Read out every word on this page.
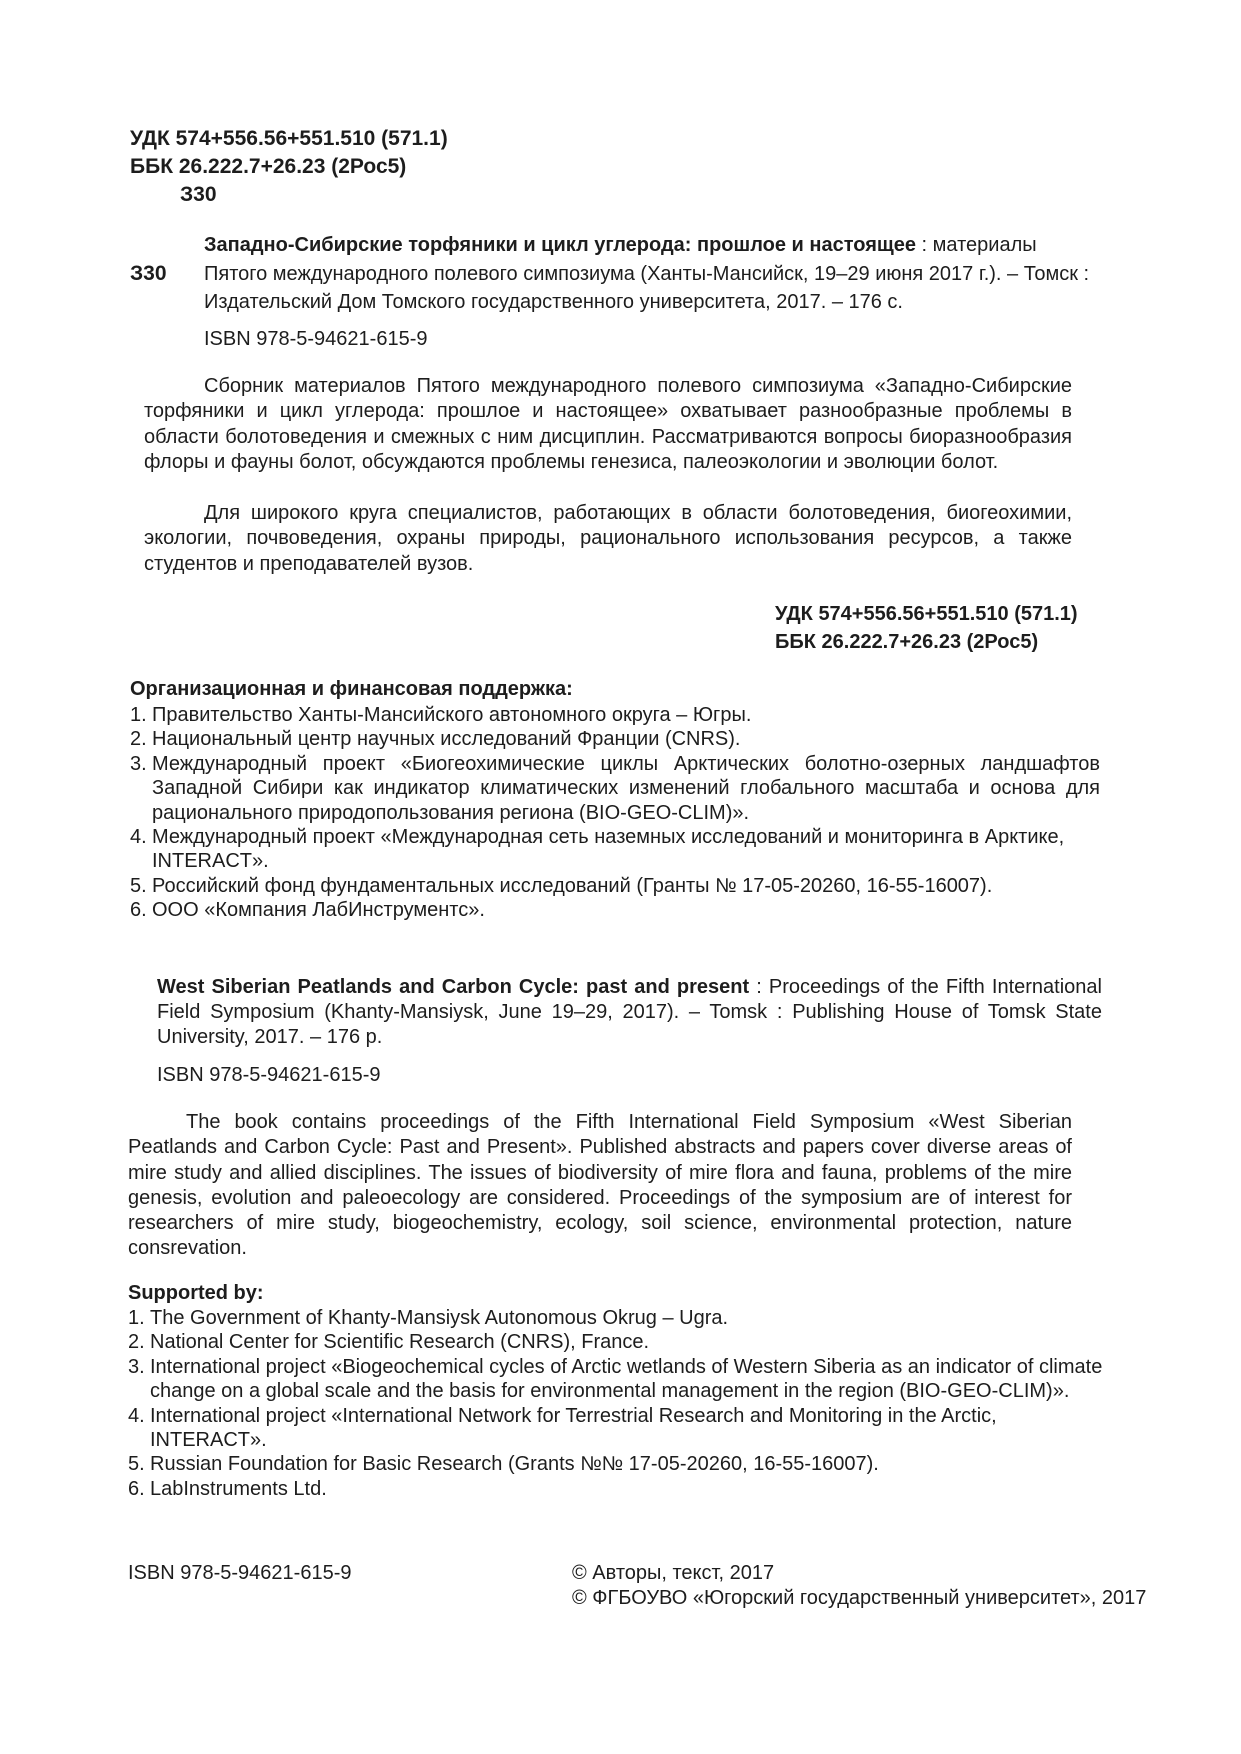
УДК 574+556.56+551.510 (571.1)
ББК 26.222.7+26.23 (2Рос5)
З30
З30

Западно-Сибирские торфяники и цикл углерода: прошлое и настоящее : материалы

Пятого международного полевого симпозиума (Ханты-Мансийск, 19–29 июня 2017 г.). – Томск :

Издательский Дом Томского государственного университета, 2017. – 176 с.

ISBN 978-5-94621-615-9

Сборник материалов Пятого международного полевого симпозиума «Западно-Сибирские торфяники и цикл углерода: прошлое и настоящее» охватывает разнообразные проблемы в области болотоведения и смежных с ним дисциплин. Рассматриваются вопросы биоразнообразия флоры и фауны болот, обсуждаются проблемы генезиса, палеоэкологии и эволюции болот.

Для широкого круга специалистов, работающих в области болотоведения, биогеохимии, экологии, почвоведения, охраны природы, рационального использования ресурсов, а также студентов и преподавателей вузов.

УДК 574+556.56+551.510 (571.1)

ББК 26.222.7+26.23 (2Рос5)

Организационная и финансовая поддержка:

1. Правительство Ханты-Мансийского автономного округа – Югры.
2. Национальный центр научных исследований Франции (CNRS).
3. Международный проект «Биогеохимические циклы Арктических болотно-озерных ландшафтов Западной Сибири как индикатор климатических изменений глобального масштаба и основа для рационального природопользования региона (BIO-GEO-CLIM)».
4. Международный проект «Международная сеть наземных исследований и мониторинга в Арктике, INTERACT».
5. Российский фонд фундаментальных исследований (Гранты № 17-05-20260, 16-55-16007).
6. ООО «Компания ЛабИнструментс».

West Siberian Peatlands and Carbon Cycle: past and present : Proceedings of the Fifth International Field Symposium (Khanty-Mansiysk, June 19–29, 2017). – Tomsk : Publishing House of Tomsk State University, 2017. – 176 p.

ISBN 978-5-94621-615-9

The book contains proceedings of the Fifth International Field Symposium «West Siberian Peatlands and Carbon Cycle: Past and Present». Published abstracts and papers cover diverse areas of mire study and allied disciplines. The issues of biodiversity of mire flora and fauna, problems of the mire genesis, evolution and paleoecology are considered. Proceedings of the symposium are of interest for researchers of mire study, biogeochemistry, ecology, soil science, environmental protection, nature consrevation.

Supported by:

1. The Government of Khanty-Mansiysk Autonomous Okrug – Ugra.
2. National Center for Scientific Research (CNRS), France.
3. International project «Biogeochemical cycles of Arctic wetlands of Western Siberia as an indicator of climate change on a global scale and the basis for environmental management in the region (BIO-GEO-CLIM)».
4. International project «International Network for Terrestrial Research and Monitoring in the Arctic, INTERACT».
5. Russian Foundation for Basic Research (Grants №№ 17-05-20260, 16-55-16007).
6. LabInstruments Ltd.

ISBN 978-5-94621-615-9	© Авторы, текст, 2017

© ФГБОУВО «Югорский государственный университет», 2017
